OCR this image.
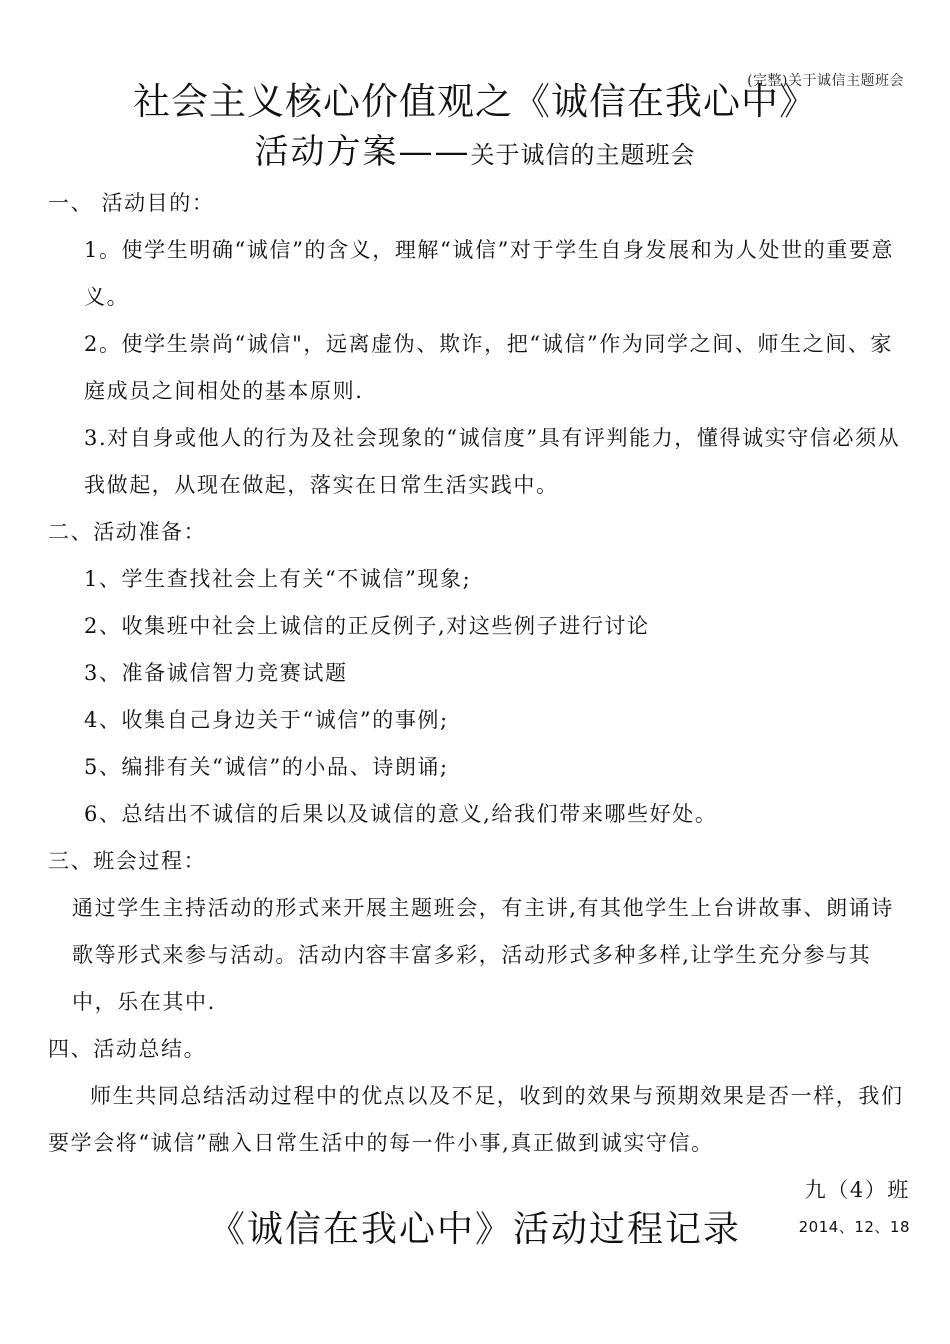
(完整)关于诚信主题班会
社会主义核心价值观之《诚信在我心中》
活动方案——关于诚信的主题班会

一、 活动目的：

1。使学生明确“诚信”的含义，理解“诚信”对于学生自身发展和为人处世的重要意义。

2。使学生崇尚“诚信"，远离虚伪、欺诈，把“诚信”作为同学之间、师生之间、家庭成员之间相处的基本原则.

3.对自身或他人的行为及社会现象的“诚信度”具有评判能力，懂得诚实守信必须从我做起，从现在做起，落实在日常生活实践中。

二、活动准备：

1、学生查找社会上有关“不诚信”现象;

2、收集班中社会上诚信的正反例子,对这些例子进行讨论

3、准备诚信智力竞赛试题

4、收集自己身边关于“诚信”的事例;

5、编排有关“诚信”的小品、诗朗诵;

6、总结出不诚信的后果以及诚信的意义,给我们带来哪些好处。

三、班会过程：

通过学生主持活动的形式来开展主题班会，有主讲,有其他学生上台讲故事、朗诵诗歌等形式来参与活动。活动内容丰富多彩，活动形式多种多样,让学生充分参与其中，乐在其中.

四、活动总结。

师生共同总结活动过程中的优点以及不足，收到的效果与预期效果是否一样，我们要学会将“诚信”融入日常生活中的每一件小事,真正做到诚实守信。

九（4）班

2014、12、18

《诚信在我心中》活动过程记录
